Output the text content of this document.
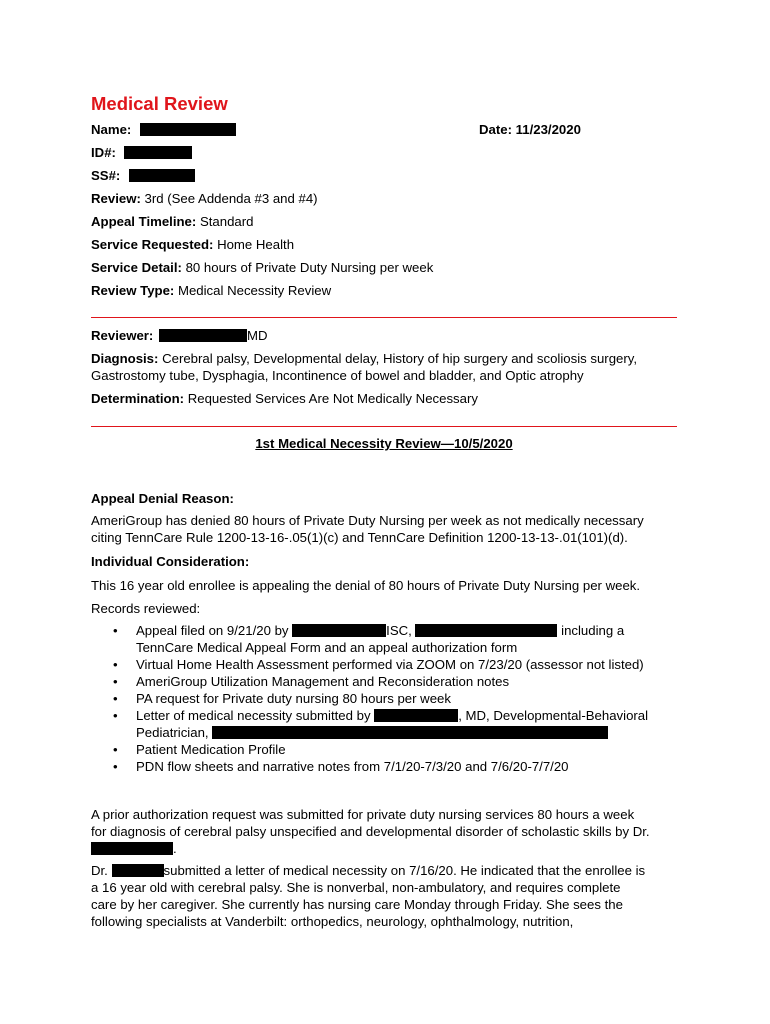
Medical Review
Name:	Date: 11/23/2020
ID#:
SS#:
Review: 3rd (See Addenda #3 and #4)
Appeal Timeline: Standard
Service Requested: Home Health
Service Detail: 80 hours of Private Duty Nursing per week
Review Type: Medical Necessity Review
Reviewer:	MD
Diagnosis: Cerebral palsy, Developmental delay, History of hip surgery and scoliosis surgery,
Gastrostomy tube, Dysphagia, Incontinence of bowel and bladder, and Optic atrophy
Determination: Requested Services Are Not Medically Necessary
1st Medical Necessity Review—10/5/2020
Appeal Denial Reason:
AmeriGroup has denied 80 hours of Private Duty Nursing per week as not medically necessary
citing TennCare Rule 1200-13-16-.05(1)(c) and TennCare Definition 1200-13-13-.01(101)(d).
Individual Consideration:
This 16 year old enrollee is appealing the denial of 80 hours of Private Duty Nursing per week.
Records reviewed:
• Appeal filed on 9/21/20 by	ISC,	including a
TennCare Medical Appeal Form and an appeal authorization form
• Virtual Home Health Assessment performed via ZOOM on 7/23/20 (assessor not listed)
• AmeriGroup Utilization Management and Reconsideration notes
• PA request for Private duty nursing 80 hours per week
• Letter of medical necessity submitted by	, MD, Developmental-Behavioral
Pediatrician,
• Patient Medication Profile
• PDN flow sheets and narrative notes from 7/1/20-7/3/20 and 7/6/20-7/7/20
A prior authorization request was submitted for private duty nursing services 80 hours a week
for diagnosis of cerebral palsy unspecified and developmental disorder of scholastic skills by Dr.
.
Dr.	submitted a letter of medical necessity on 7/16/20. He indicated that the enrollee is
a 16 year old with cerebral palsy. She is nonverbal, non-ambulatory, and requires complete
care by her caregiver. She currently has nursing care Monday through Friday. She sees the
following specialists at Vanderbilt: orthopedics, neurology, ophthalmology, nutrition,
